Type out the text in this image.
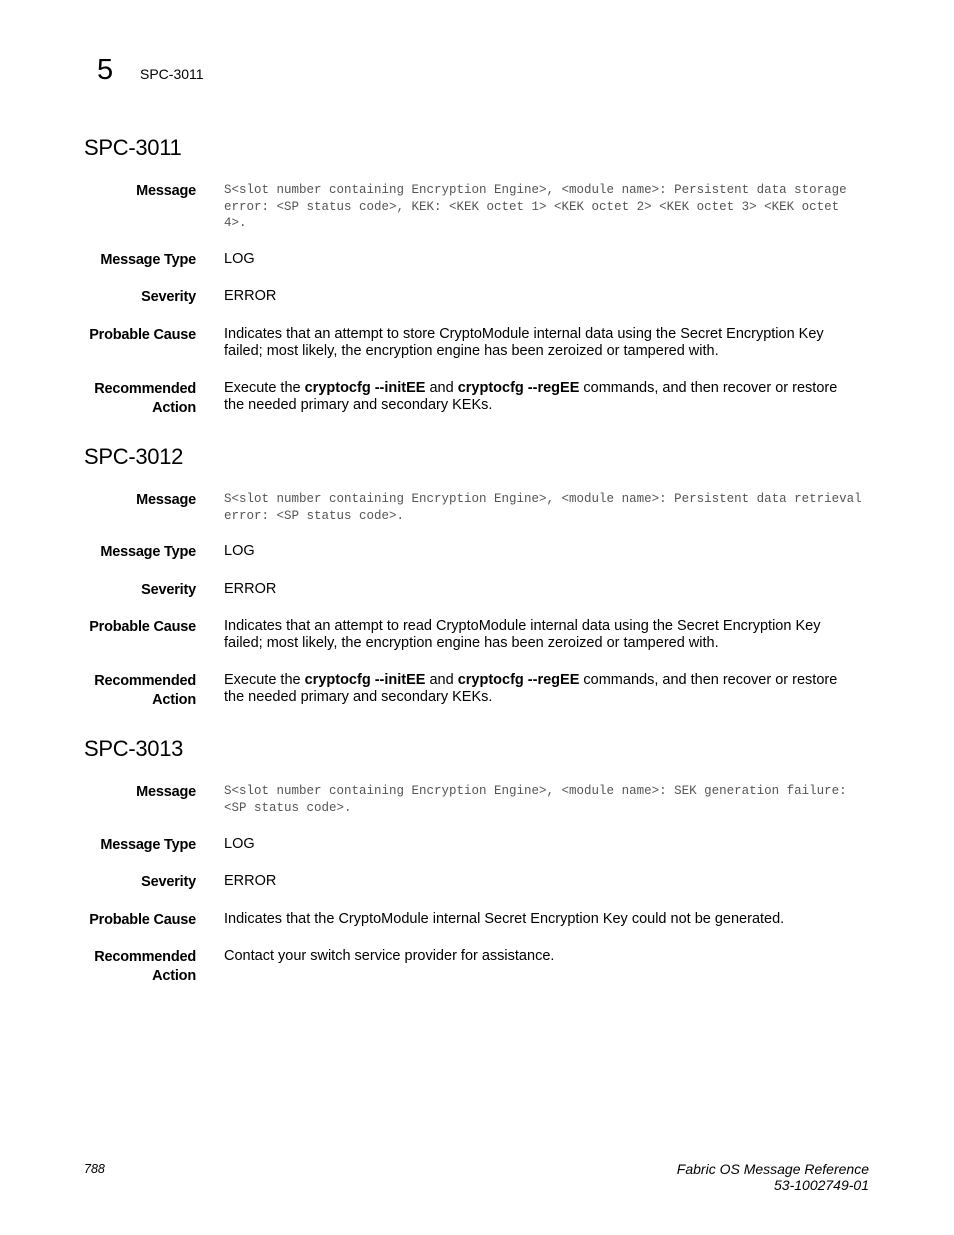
5 SPC-3011
SPC-3011
Message S<slot number containing Encryption Engine>, <module name>: Persistent data storage error: <SP status code>, KEK: <KEK octet 1> <KEK octet 2> <KEK octet 3> <KEK octet 4>.
Message Type LOG
Severity ERROR
Probable Cause Indicates that an attempt to store CryptoModule internal data using the Secret Encryption Key failed; most likely, the encryption engine has been zeroized or tampered with.
Recommended
Action
Execute the cryptocfg --initEE and cryptocfg --regEE commands, and then recover or restore the needed primary and secondary KEKs.
SPC-3012
Message S<slot number containing Encryption Engine>, <module name>: Persistent data retrieval error: <SP status code>.
Message Type LOG
Severity ERROR
Probable Cause Indicates that an attempt to read CryptoModule internal data using the Secret Encryption Key failed; most likely, the encryption engine has been zeroized or tampered with.
Recommended
Action
Execute the cryptocfg --initEE and cryptocfg --regEE commands, and then recover or restore the needed primary and secondary KEKs.
SPC-3013
Message S<slot number containing Encryption Engine>, <module name>: SEK generation failure: <SP status code>.
Message Type LOG
Severity ERROR
Probable Cause Indicates that the CryptoModule internal Secret Encryption Key could not be generated.
Recommended
Action
Contact your switch service provider for assistance.
788	Fabric OS Message Reference
53-1002749-01
